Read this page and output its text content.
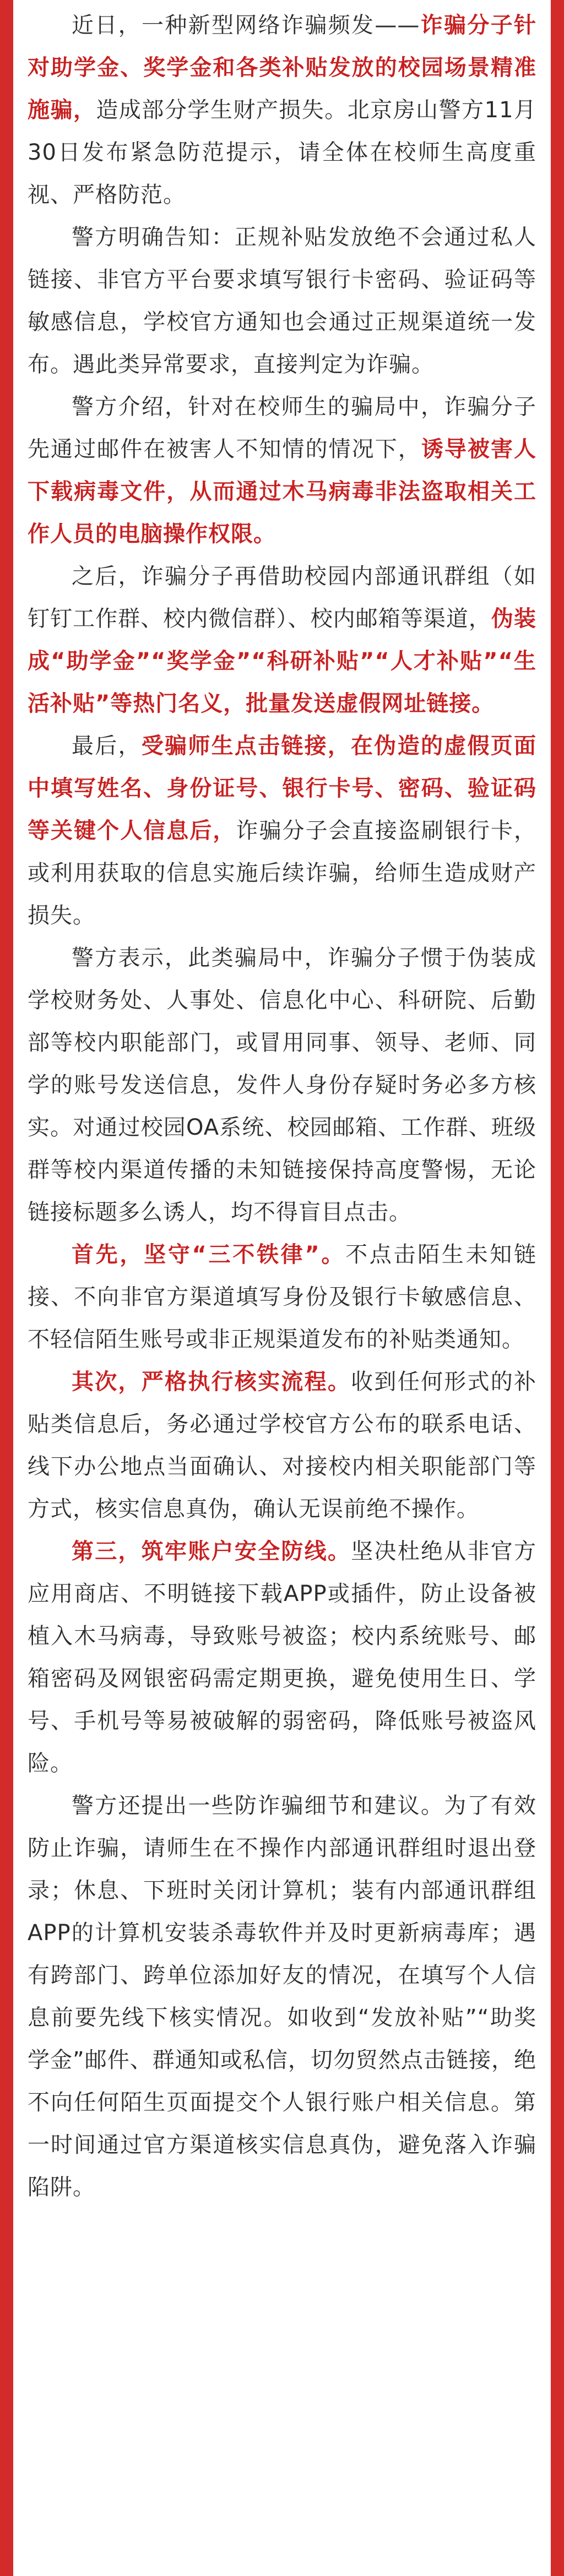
近日，一种新型网络诈骗频发——诈骗分子针对助学金、奖学金和各类补贴发放的校园场景精准施骗，造成部分学生财产损失。北京房山警方11月30日发布紧急防范提示，请全体在校师生高度重视、严格防范。

警方明确告知：正规补贴发放绝不会通过私人链接、非官方平台要求填写银行卡密码、验证码等敏感信息，学校官方通知也会通过正规渠道统一发布。遇此类异常要求，直接判定为诈骗。

警方介绍，针对在校师生的骗局中，诈骗分子先通过邮件在被害人不知情的情况下，诱导被害人下载病毒文件，从而通过木马病毒非法盗取相关工作人员的电脑操作权限。

之后，诈骗分子再借助校园内部通讯群组（如钉钉工作群、校内微信群）、校内邮箱等渠道，伪装成“助学金”“奖学金”“科研补贴”“人才补贴”“生活补贴”等热门名义，批量发送虚假网址链接。

最后，受骗师生点击链接，在伪造的虚假页面中填写姓名、身份证号、银行卡号、密码、验证码等关键个人信息后，诈骗分子会直接盗刷银行卡，或利用获取的信息实施后续诈骗，给师生造成财产损失。

警方表示，此类骗局中，诈骗分子惯于伪装成学校财务处、人事处、信息化中心、科研院、后勤部等校内职能部门，或冒用同事、领导、老师、同学的账号发送信息，发件人身份存疑时务必多方核实。对通过校园OA系统、校园邮箱、工作群、班级群等校内渠道传播的未知链接保持高度警惕，无论链接标题多么诱人，均不得盲目点击。

首先，坚守“三不铁律”。不点击陌生未知链接、不向非官方渠道填写身份及银行卡敏感信息、不轻信陌生账号或非正规渠道发布的补贴类通知。

其次，严格执行核实流程。收到任何形式的补贴类信息后，务必通过学校官方公布的联系电话、线下办公地点当面确认、对接校内相关职能部门等方式，核实信息真伪，确认无误前绝不操作。

第三，筑牢账户安全防线。坚决杜绝从非官方应用商店、不明链接下载APP或插件，防止设备被植入木马病毒，导致账号被盗；校内系统账号、邮箱密码及网银密码需定期更换，避免使用生日、学号、手机号等易被破解的弱密码，降低账号被盗风险。

警方还提出一些防诈骗细节和建议。为了有效防止诈骗，请师生在不操作内部通讯群组时退出登录；休息、下班时关闭计算机；装有内部通讯群组APP的计算机安装杀毒软件并及时更新病毒库；遇有跨部门、跨单位添加好友的情况，在填写个人信息前要先线下核实情况。如收到“发放补贴”“助奖学金”邮件、群通知或私信，切勿贸然点击链接，绝不向任何陌生页面提交个人银行账户相关信息。第一时间通过官方渠道核实信息真伪，避免落入诈骗陷阱。
